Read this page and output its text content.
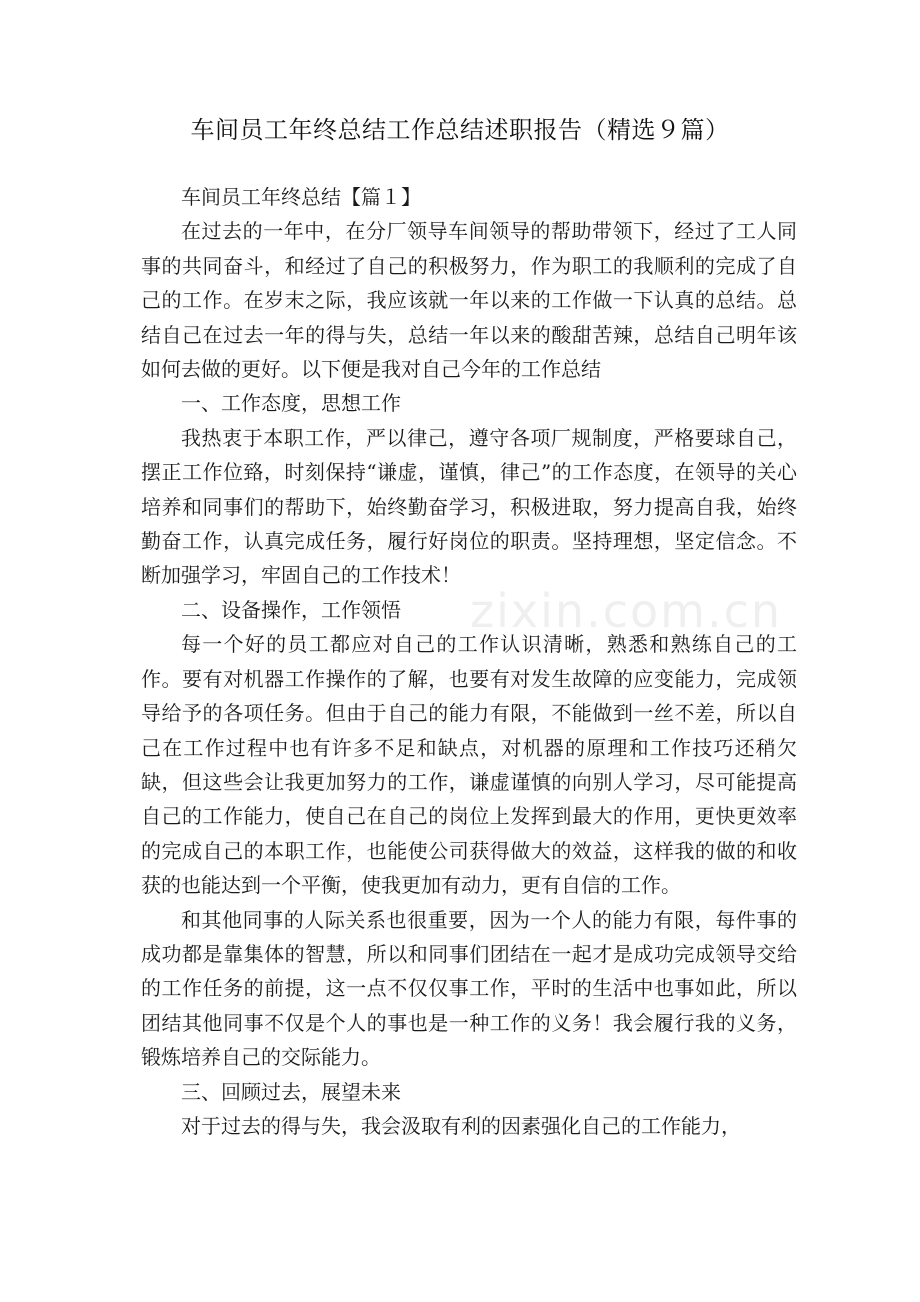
车间员工年终总结工作总结述职报告（精选９篇）

车间员工年终总结【篇１】

在过去的一年中，在分厂领导车间领导的帮助带领下，经过了工人同事的共同奋斗，和经过了自己的积极努力，作为职工的我顺利的完成了自己的工作。在岁末之际，我应该就一年以来的工作做一下认真的总结。总结自己在过去一年的得与失，总结一年以来的酸甜苦辣，总结自己明年该如何去做的更好。以下便是我对自己今年的工作总结

一、工作态度，思想工作

我热衷于本职工作，严以律己，遵守各项厂规制度，严格要球自己，摆正工作位臵，时刻保持“谦虚，谨慎，律己”的工作态度，在领导的关心培养和同事们的帮助下，始终勤奋学习，积极进取，努力提高自我，始终勤奋工作，认真完成任务，履行好岗位的职责。坚持理想，坚定信念。不断加强学习，牢固自己的工作技术！

二、设备操作，工作领悟

每一个好的员工都应对自己的工作认识清晰，熟悉和熟练自己的工作。要有对机器工作操作的了解，也要有对发生故障的应变能力，完成领导给予的各项任务。但由于自己的能力有限，不能做到一丝不差，所以自己在工作过程中也有许多不足和缺点，对机器的原理和工作技巧还稍欠缺，但这些会让我更加努力的工作，谦虚谨慎的向别人学习，尽可能提高自己的工作能力，使自己在自己的岗位上发挥到最大的作用，更快更效率的完成自己的本职工作，也能使公司获得做大的效益，这样我的做的和收获的也能达到一个平衡，使我更加有动力，更有自信的工作。

和其他同事的人际关系也很重要，因为一个人的能力有限，每件事的成功都是靠集体的智慧，所以和同事们团结在一起才是成功完成领导交给的工作任务的前提，这一点不仅仅事工作，平时的生活中也事如此，所以团结其他同事不仅是个人的事也是一种工作的义务！我会履行我的义务，锻炼培养自己的交际能力。

三、回顾过去，展望未来

对于过去的得与失，我会汲取有利的因素强化自己的工作能力，

zixin.com.cn
